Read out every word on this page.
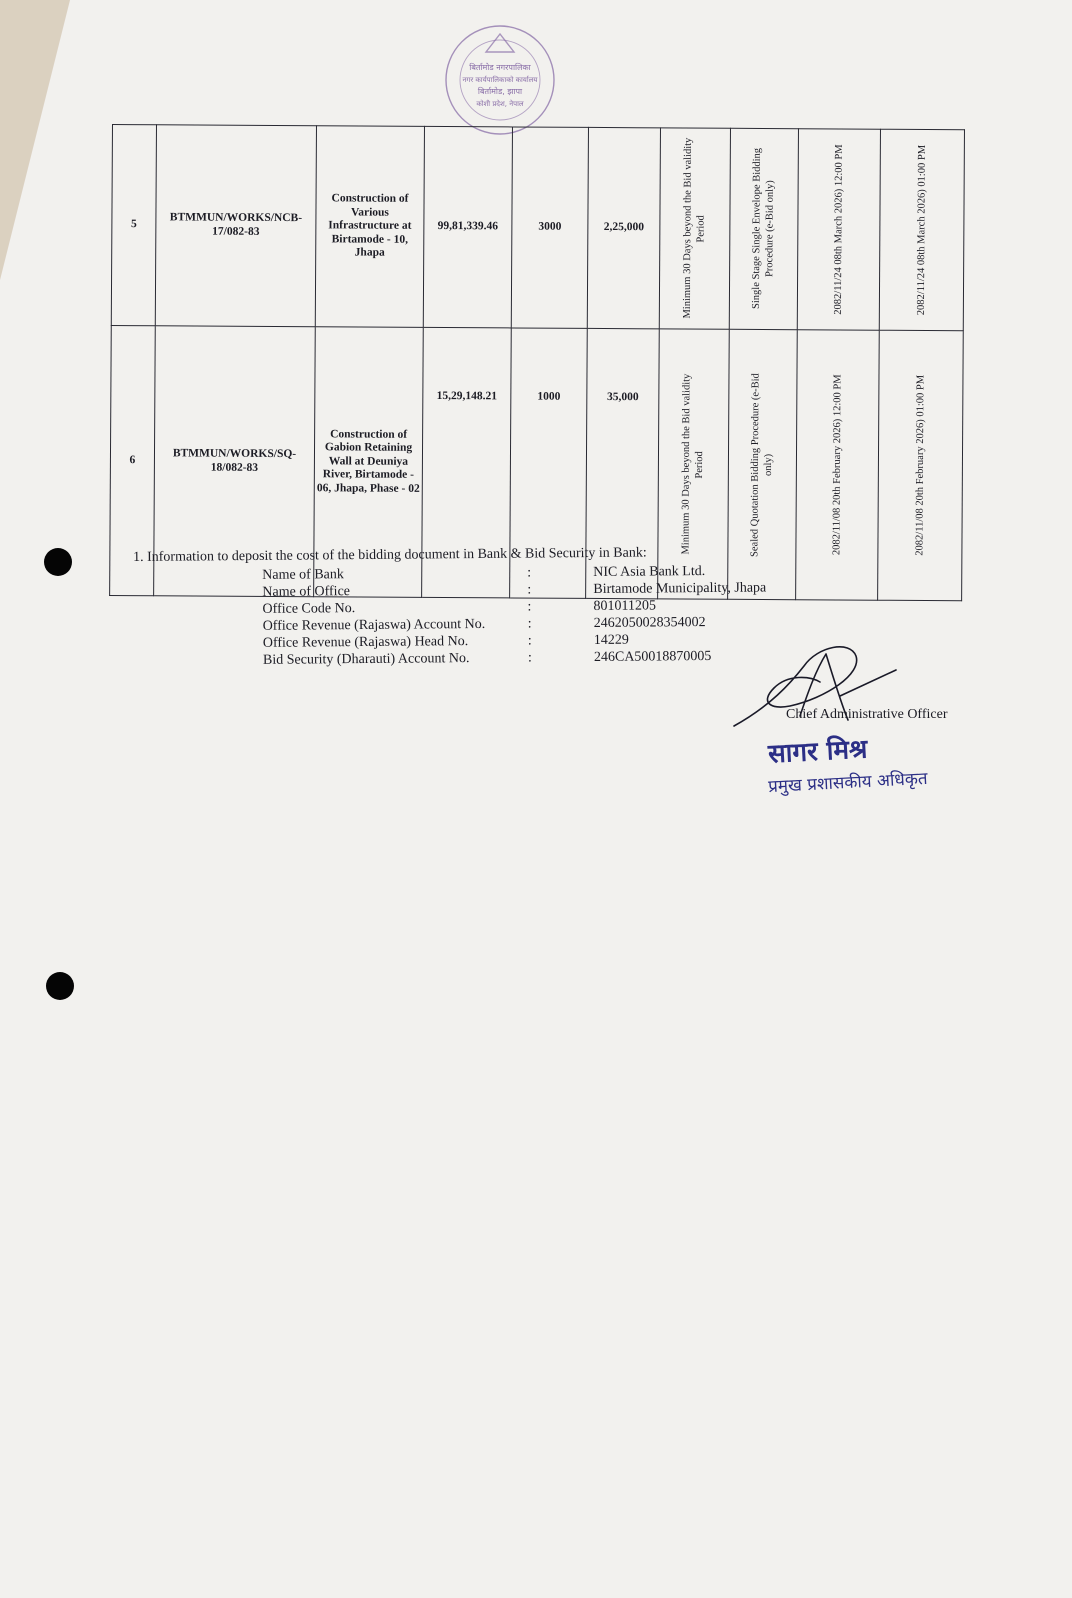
बिर्तामोड नगरपालिका
नगर कार्यपालिकाको कार्यालय
बिर्तामोड, झापा
कोशी प्रदेश, नेपाल
5	BTMMUN/WORKS/NCB-17/082-83	Construction of Various Infrastructure at Birtamode - 10, Jhapa	99,81,339.46	3000	2,25,000	Minimum 30 Days beyond the Bid validity Period	Single Stage Single Envelope Bidding Procedure (e-Bid only)	2082/11/24 08th March 2026) 12:00 PM	2082/11/24 08th March 2026) 01:00 PM

6	BTMMUN/WORKS/SQ-18/082-83	Construction of Gabion Retaining Wall at Deuniya River, Birtamode - 06, Jhapa, Phase - 02	15,29,148.21	1000	35,000	Minimum 30 Days beyond the Bid validity Period	Sealed Quotation Bidding Procedure (e-Bid only)	2082/11/08 20th February 2026) 12:00 PM	2082/11/08 20th February 2026) 01:00 PM

1. Information to deposit the cost of the bidding document in Bank & Bid Security in Bank:

Name of Bank	:	NIC Asia Bank Ltd.
Name of Office	:	Birtamode Municipality, Jhapa
Office Code No.	:	801011205
Office Revenue (Rajaswa) Account No.	:	2462050028354002
Office Revenue (Rajaswa) Head No.	:	14229
Bid Security (Dharauti) Account No.	:	246CA50018870005
Chief Administrative Officer
सागर मिश्र
प्रमुख प्रशासकीय अधिकृत
